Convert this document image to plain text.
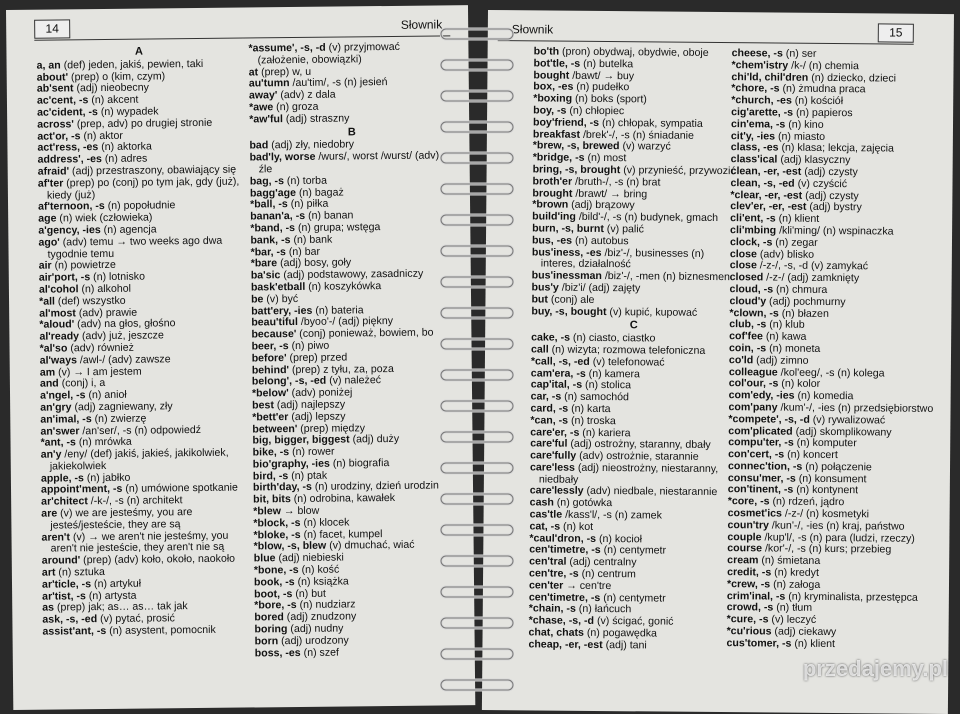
14	Słownik
A
a, an (def) jeden, jakiś, pewien, taki
about' (prep) o (kim, czym)
ab'sent (adj) nieobecny
ac'cent, -s (n) akcent
ac'cident, -s (n) wypadek
across' (prep, adv) po drugiej stronie
act'or, -s (n) aktor
act'ress, -es (n) aktorka
address', -es (n) adres
afraid' (adj) przestraszony, obawiający się
af'ter (prep) po (conj) po tym jak, gdy (już), kiedy (już)
af'ternoon, -s (n) popołudnie
age (n) wiek (człowieka)
a'gency, -ies (n) agencja
ago' (adv) temu → two weeks ago dwa tygodnie temu
air (n) powietrze
air'port, -s (n) lotnisko
al'cohol (n) alkohol
*all (def) wszystko
al'most (adv) prawie
*aloud' (adv) na głos, głośno
al'ready (adv) już, jeszcze
*al'so (adv) również
al'ways /awl-/ (adv) zawsze
am (v) → I am jestem
and (conj) i, a
a'ngel, -s (n) anioł
an'gry (adj) zagniewany, zły
an'imal, -s (n) zwierzę
an'swer /an'ser/, -s (n) odpowiedź
*ant, -s (n) mrówka
an'y /eny/ (def) jakiś, jakieś, jakikolwiek, jakiekolwiek
apple, -s (n) jabłko
appoint'ment, -s (n) umówione spotkanie
ar'chitect /-k-/, -s (n) architekt
are (v) we are jesteśmy, you are jesteś/jesteście, they are są
aren't (v) → we aren't nie jesteśmy, you aren't nie jesteście, they aren't nie są
around' (prep) (adv) koło, około, naokoło
art (n) sztuka
ar'ticle, -s (n) artykuł
ar'tist, -s (n) artysta
as (prep) jak; as… as… tak jak
ask, -s, -ed (v) pytać, prosić
assist'ant, -s (n) asystent, pomocnik
*assume', -s, -d (v) przyjmować (założenie, obowiązki)
at (prep) w, u
au'tumn /au'tim/, -s (n) jesień
away' (adv) z dala
*awe (n) groza
*aw'ful (adj) straszny
B
bad (adj) zły, niedobry
bad'ly, worse /wurs/, worst /wurst/ (adv) źle
bag, -s (n) torba
bagg'age (n) bagaż
*ball, -s (n) piłka
banan'a, -s (n) banan
*band, -s (n) grupa; wstęga
bank, -s (n) bank
*bar, -s (n) bar
*bare (adj) bosy, goły
ba'sic (adj) podstawowy, zasadniczy
bask'etball (n) koszykówka
be (v) być
batt'ery, -ies (n) bateria
beau'tiful /byoo'-/ (adj) piękny
because' (conj) ponieważ, bowiem, bo
beer, -s (n) piwo
before' (prep) przed
behind' (prep) z tyłu, za, poza
belong', -s, -ed (v) należeć
*below' (adv) poniżej
best (adj) najlepszy
*bett'er (adj) lepszy
between' (prep) między
big, bigger, biggest (adj) duży
bike, -s (n) rower
bio'graphy, -ies (n) biografia
bird, -s (n) ptak
birth'day, -s (n) urodziny, dzień urodzin
bit, bits (n) odrobina, kawałek
*blew → blow
*block, -s (n) klocek
*bloke, -s (n) facet, kumpel
*blow, -s, blew (v) dmuchać, wiać
blue (adj) niebieski
*bone, -s (n) kość
book, -s (n) książka
boot, -s (n) but
*bore, -s (n) nudziarz
bored (adj) znudzony
boring (adj) nudny
born (adj) urodzony
boss, -es (n) szef
Słownik	15
bo'th (pron) obydwaj, obydwie, oboje
bot'tle, -s (n) butelka
bought /bawt/ → buy
box, -es (n) pudełko
*boxing (n) boks (sport)
boy, -s (n) chłopiec
boy'friend, -s (n) chłopak, sympatia
breakfast /brek'-/, -s (n) śniadanie
*brew, -s, brewed (v) warzyć
*bridge, -s (n) most
bring, -s, brought (v) przynieść, przywozić
broth'er /bruth-/, -s (n) brat
brought /brawt/ → bring
*brown (adj) brązowy
build'ing /bild'-/, -s (n) budynek, gmach
burn, -s, burnt (v) palić
bus, -es (n) autobus
bus'iness, -es /biz'-/, businesses (n) interes, działalność
bus'inessman /biz'-/, -men (n) biznesmen
bus'y /biz'i/ (adj) zajęty
but (conj) ale
buy, -s, bought (v) kupić, kupować
C
cake, -s (n) ciasto, ciastko
call (n) wizyta; rozmowa telefoniczna
*call, -s, -ed (v) telefonować
cam'era, -s (n) kamera
cap'ital, -s (n) stolica
car, -s (n) samochód
card, -s (n) karta
*can, -s (n) troska
care'er, -s (n) kariera
care'ful (adj) ostrożny, staranny, dbały
care'fully (adv) ostrożnie, starannie
care'less (adj) nieostrożny, niestaranny, niedbały
care'lessly (adv) niedbale, niestarannie
cash (n) gotówka
cas'tle /kass'l/, -s (n) zamek
cat, -s (n) kot
*caul'dron, -s (n) kocioł
cen'timetre, -s (n) centymetr
cen'tral (adj) centralny
cen'tre, -s (n) centrum
cen'ter → cen'tre
cen'timetre, -s (n) centymetr
*chain, -s (n) łańcuch
*chase, -s, -d (v) ścigać, gonić
chat, chats (n) pogawędka
cheap, -er, -est (adj) tani
cheese, -s (n) ser
*chem'istry /k-/ (n) chemia
chi'ld, chil'dren (n) dziecko, dzieci
*chore, -s (n) żmudna praca
*church, -es (n) kościół
cig'arette, -s (n) papieros
cin'ema, -s (n) kino
cit'y, -ies (n) miasto
class, -es (n) klasa; lekcja, zajęcia
class'ical (adj) klasyczny
clean, -er, -est (adj) czysty
clean, -s, -ed (v) czyścić
*clear, -er, -est (adj) czysty
clev'er, -er, -est (adj) bystry
cli'ent, -s (n) klient
cli'mbing /kli'ming/ (n) wspinaczka
clock, -s (n) zegar
close (adv) blisko
close /-z-/, -s, -d (v) zamykać
closed /-z-/ (adj) zamknięty
cloud, -s (n) chmura
cloud'y (adj) pochmurny
*clown, -s (n) błazen
club, -s (n) klub
cof'fee (n) kawa
coin, -s (n) moneta
co'ld (adj) zimno
colleague /kol'eeg/, -s (n) kolega
col'our, -s (n) kolor
com'edy, -ies (n) komedia
com'pany /kum'-/, -ies (n) przedsiębiorstwo
*compete', -s, -d (v) rywalizować
com'plicated (adj) skomplikowany
compu'ter, -s (n) komputer
con'cert, -s (n) koncert
connec'tion, -s (n) połączenie
consu'mer, -s (n) konsument
con'tinent, -s (n) kontynent
*core, -s (n) rdzeń, jądro
cosmet'ics /-z-/ (n) kosmetyki
coun'try /kun'-/, -ies (n) kraj, państwo
couple /kup'l/, -s (n) para (ludzi, rzeczy)
course /kor'-/, -s (n) kurs; przebieg
cream (n) śmietana
credit, -s (n) kredyt
*crew, -s (n) załoga
crim'inal, -s (n) kryminalista, przestępca
crowd, -s (n) tłum
*cure, -s (v) leczyć
*cu'rious (adj) ciekawy
cus'tomer, -s (n) klient
przedajemy.pl
